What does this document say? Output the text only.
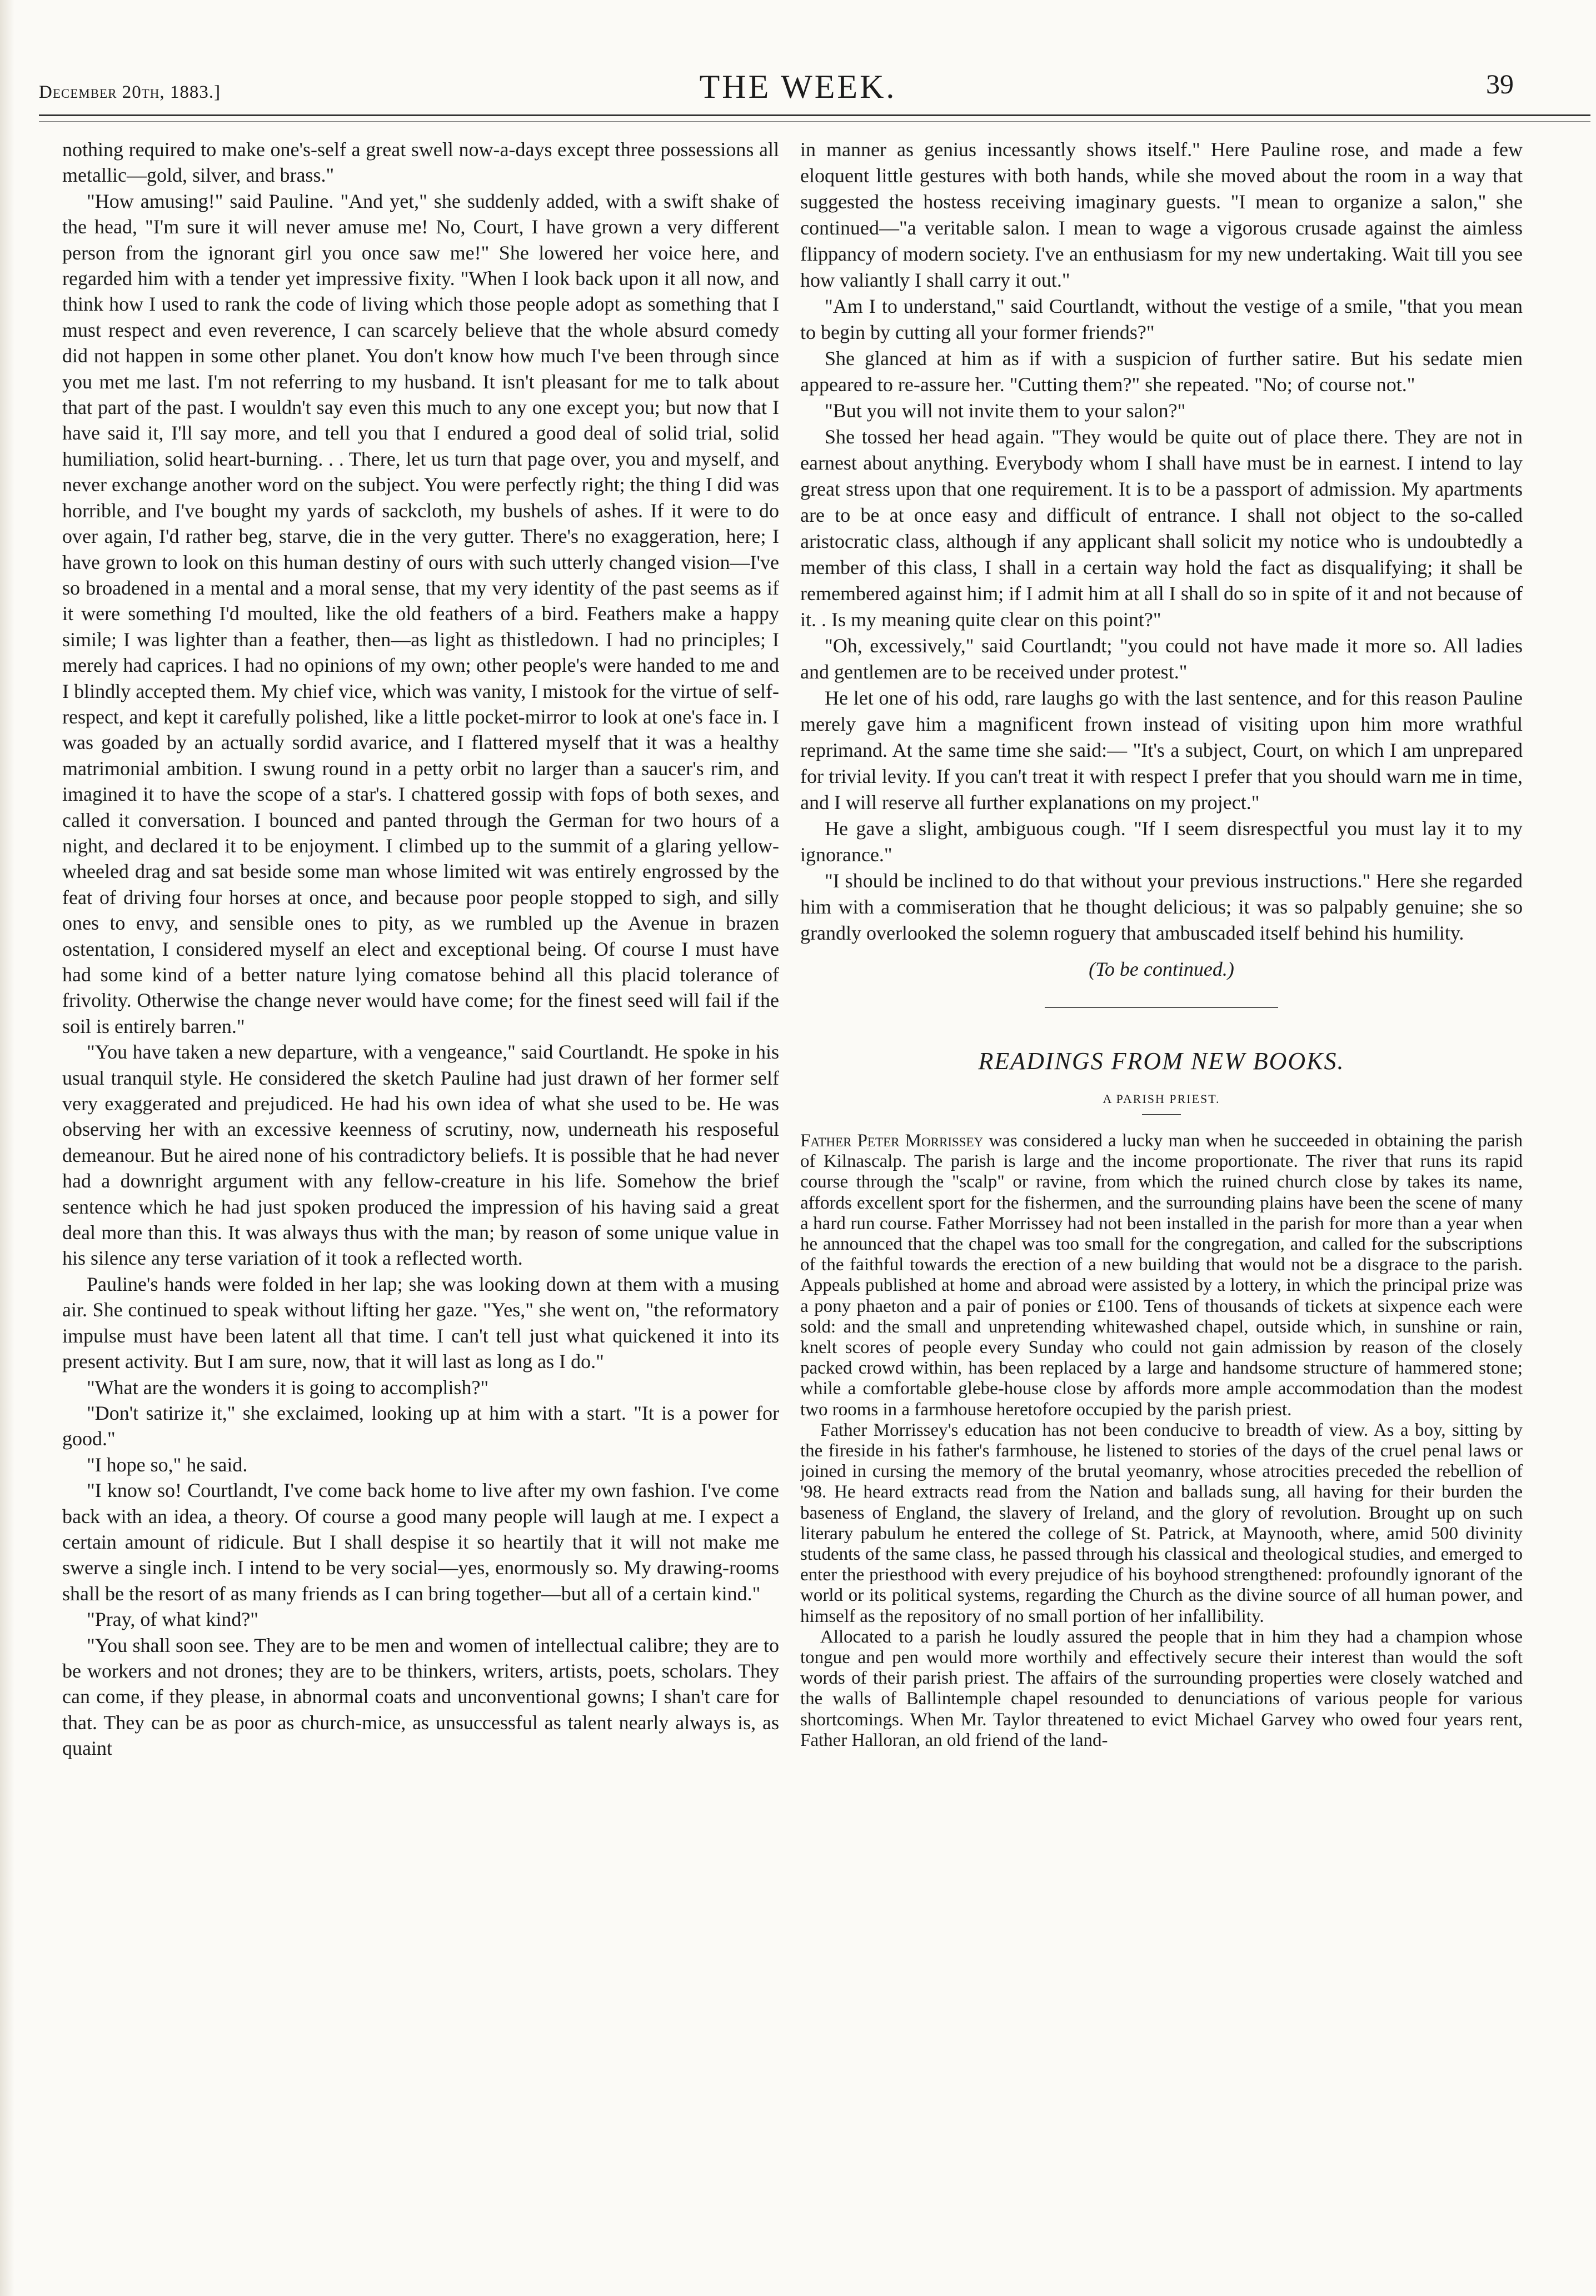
December 20th, 1883.]	THE WEEK.	39

nothing required to make one's-self a great swell now-a-days except three possessions all metallic—gold, silver, and brass."

"How amusing!" said Pauline. "And yet," she suddenly added, with a swift shake of the head, "I'm sure it will never amuse me! No, Court, I have grown a very different person from the ignorant girl you once saw me!" She lowered her voice here, and regarded him with a tender yet impressive fixity. "When I look back upon it all now, and think how I used to rank the code of living which those people adopt as something that I must respect and even reverence, I can scarcely believe that the whole absurd comedy did not happen in some other planet. You don't know how much I've been through since you met me last. I'm not referring to my husband. It isn't pleasant for me to talk about that part of the past. I wouldn't say even this much to any one except you; but now that I have said it, I'll say more, and tell you that I endured a good deal of solid trial, solid humiliation, solid heart-burning. . . There, let us turn that page over, you and myself, and never exchange another word on the subject. You were perfectly right; the thing I did was horrible, and I've bought my yards of sackcloth, my bushels of ashes. If it were to do over again, I'd rather beg, starve, die in the very gutter. There's no exaggeration, here; I have grown to look on this human destiny of ours with such utterly changed vision—I've so broadened in a mental and a moral sense, that my very identity of the past seems as if it were something I'd moulted, like the old feathers of a bird. Feathers make a happy simile; I was lighter than a feather, then—as light as thistledown. I had no principles; I merely had caprices. I had no opinions of my own; other people's were handed to me and I blindly accepted them. My chief vice, which was vanity, I mistook for the virtue of self-respect, and kept it carefully polished, like a little pocket-mirror to look at one's face in. I was goaded by an actually sordid avarice, and I flattered myself that it was a healthy matrimonial ambition. I swung round in a petty orbit no larger than a saucer's rim, and imagined it to have the scope of a star's. I chattered gossip with fops of both sexes, and called it conversation. I bounced and panted through the German for two hours of a night, and declared it to be enjoyment. I climbed up to the summit of a glaring yellow-wheeled drag and sat beside some man whose limited wit was entirely engrossed by the feat of driving four horses at once, and because poor people stopped to sigh, and silly ones to envy, and sensible ones to pity, as we rumbled up the Avenue in brazen ostentation, I considered myself an elect and exceptional being. Of course I must have had some kind of a better nature lying comatose behind all this placid tolerance of frivolity. Otherwise the change never would have come; for the finest seed will fail if the soil is entirely barren."

"You have taken a new departure, with a vengeance," said Courtlandt. He spoke in his usual tranquil style. He considered the sketch Pauline had just drawn of her former self very exaggerated and prejudiced. He had his own idea of what she used to be. He was observing her with an excessive keenness of scrutiny, now, underneath his resposeful demeanour. But he aired none of his contradictory beliefs. It is possible that he had never had a downright argument with any fellow-creature in his life. Somehow the brief sentence which he had just spoken produced the impression of his having said a great deal more than this. It was always thus with the man; by reason of some unique value in his silence any terse variation of it took a reflected worth.

Pauline's hands were folded in her lap; she was looking down at them with a musing air. She continued to speak without lifting her gaze. "Yes," she went on, "the reformatory impulse must have been latent all that time. I can't tell just what quickened it into its present activity. But I am sure, now, that it will last as long as I do."

"What are the wonders it is going to accomplish?"

"Don't satirize it," she exclaimed, looking up at him with a start. "It is a power for good."

"I hope so," he said.

"I know so! Courtlandt, I've come back home to live after my own fashion. I've come back with an idea, a theory. Of course a good many people will laugh at me. I expect a certain amount of ridicule. But I shall despise it so heartily that it will not make me swerve a single inch. I intend to be very social—yes, enormously so. My drawing-rooms shall be the resort of as many friends as I can bring together—but all of a certain kind."

"Pray, of what kind?"

"You shall soon see. They are to be men and women of intellectual calibre; they are to be workers and not drones; they are to be thinkers, writers, artists, poets, scholars. They can come, if they please, in abnormal coats and unconventional gowns; I shan't care for that. They can be as poor as church-mice, as unsuccessful as talent nearly always is, as quaint

in manner as genius incessantly shows itself." Here Pauline rose, and made a few eloquent little gestures with both hands, while she moved about the room in a way that suggested the hostess receiving imaginary guests. "I mean to organize a salon," she continued—"a veritable salon. I mean to wage a vigorous crusade against the aimless flippancy of modern society. I've an enthusiasm for my new undertaking. Wait till you see how valiantly I shall carry it out."

"Am I to understand," said Courtlandt, without the vestige of a smile, "that you mean to begin by cutting all your former friends?"

She glanced at him as if with a suspicion of further satire. But his sedate mien appeared to re-assure her. "Cutting them?" she repeated. "No; of course not."

"But you will not invite them to your salon?"

She tossed her head again. "They would be quite out of place there. They are not in earnest about anything. Everybody whom I shall have must be in earnest. I intend to lay great stress upon that one requirement. It is to be a passport of admission. My apartments are to be at once easy and difficult of entrance. I shall not object to the so-called aristocratic class, although if any applicant shall solicit my notice who is undoubtedly a member of this class, I shall in a certain way hold the fact as disqualifying; it shall be remembered against him; if I admit him at all I shall do so in spite of it and not because of it. . Is my meaning quite clear on this point?"

"Oh, excessively," said Courtlandt; "you could not have made it more so. All ladies and gentlemen are to be received under protest."

He let one of his odd, rare laughs go with the last sentence, and for this reason Pauline merely gave him a magnificent frown instead of visiting upon him more wrathful reprimand. At the same time she said:— "It's a subject, Court, on which I am unprepared for trivial levity. If you can't treat it with respect I prefer that you should warn me in time, and I will reserve all further explanations on my project."

He gave a slight, ambiguous cough. "If I seem disrespectful you must lay it to my ignorance."

"I should be inclined to do that without your previous instructions." Here she regarded him with a commiseration that he thought delicious; it was so palpably genuine; she so grandly overlooked the solemn roguery that ambuscaded itself behind his humility.

(To be continued.)
READINGS FROM NEW BOOKS.
A PARISH PRIEST.

Father Peter Morrissey was considered a lucky man when he succeeded in obtaining the parish of Kilnascalp. The parish is large and the income proportionate. The river that runs its rapid course through the "scalp" or ravine, from which the ruined church close by takes its name, affords excellent sport for the fishermen, and the surrounding plains have been the scene of many a hard run course. Father Morrissey had not been installed in the parish for more than a year when he announced that the chapel was too small for the congregation, and called for the subscriptions of the faithful towards the erection of a new building that would not be a disgrace to the parish. Appeals published at home and abroad were assisted by a lottery, in which the principal prize was a pony phaeton and a pair of ponies or £100. Tens of thousands of tickets at sixpence each were sold: and the small and unpretending whitewashed chapel, outside which, in sunshine or rain, knelt scores of people every Sunday who could not gain admission by reason of the closely packed crowd within, has been replaced by a large and handsome structure of hammered stone; while a comfortable glebe-house close by affords more ample accommodation than the modest two rooms in a farmhouse heretofore occupied by the parish priest.

Father Morrissey's education has not been conducive to breadth of view. As a boy, sitting by the fireside in his father's farmhouse, he listened to stories of the days of the cruel penal laws or joined in cursing the memory of the brutal yeomanry, whose atrocities preceded the rebellion of '98. He heard extracts read from the Nation and ballads sung, all having for their burden the baseness of England, the slavery of Ireland, and the glory of revolution. Brought up on such literary pabulum he entered the college of St. Patrick, at Maynooth, where, amid 500 divinity students of the same class, he passed through his classical and theological studies, and emerged to enter the priesthood with every prejudice of his boyhood strengthened: profoundly ignorant of the world or its political systems, regarding the Church as the divine source of all human power, and himself as the repository of no small portion of her infallibility.

Allocated to a parish he loudly assured the people that in him they had a champion whose tongue and pen would more worthily and effectively secure their interest than would the soft words of their parish priest. The affairs of the surrounding properties were closely watched and the walls of Ballintemple chapel resounded to denunciations of various people for various shortcomings. When Mr. Taylor threatened to evict Michael Garvey who owed four years rent, Father Halloran, an old friend of the land-
